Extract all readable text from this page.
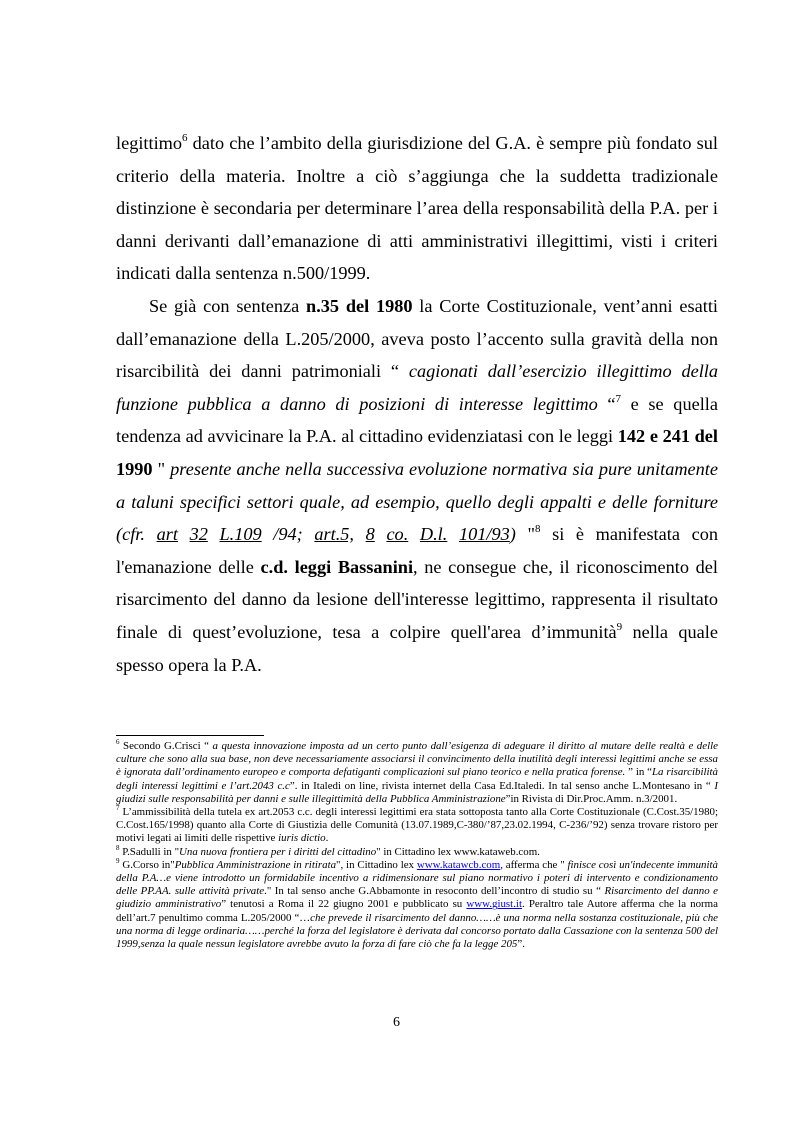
legittimo$^6$ dato che l’ambito della giurisdizione del G.A. è sempre più fondato sul criterio della materia. Inoltre a ciò s’aggiunga che la suddetta tradizionale distinzione è secondaria per determinare l’area della responsabilità della P.A. per i danni derivanti dall’emanazione di atti amministrativi illegittimi, visti i criteri indicati dalla sentenza n.500/1999.

Se già con sentenza n.35 del 1980 la Corte Costituzionale, vent’anni esatti dall’emanazione della L.205/2000, aveva posto l’accento sulla gravità della non risarcibilità dei danni patrimoniali “ cagionati dall’esercizio illegittimo della funzione pubblica a danno di posizioni di interesse legittimo “$^7$ e se quella tendenza ad avvicinare la P.A. al cittadino evidenziatasi con le leggi 142 e 241 del 1990 " presente anche nella successiva evoluzione normativa sia pure unitamente a taluni specifici settori quale, ad esempio, quello degli appalti e delle forniture (cfr. art 32 L.109 /94; art.5, 8 co. D.l. 101/93) "$^8$ si è manifestata con l'emanazione delle c.d. leggi Bassanini, ne consegue che, il riconoscimento del risarcimento del danno da lesione dell'interesse legittimo, rappresenta il risultato finale di quest’evoluzione, tesa a colpire quell'area d’immunità$^9$ nella quale spesso opera la P.A.

$^6$ Secondo G.Crisci “ a questa innovazione imposta ad un certo punto dall’esigenza di adeguare il diritto al mutare delle realtà e delle culture che sono alla sua base, non deve necessariamente associarsi il convincimento della inutilità degli interessi legittimi anche se essa è ignorata dall’ordinamento europeo e comporta defatiganti complicazioni sul piano teorico e nella pratica forense. ” in “La risarcibilità degli interessi legittimi e l’art.2043 c.c”. in Italedi on line, rivista internet della Casa Ed.Italedi. In tal senso anche L.Montesano in “ I giudizi sulle responsabilità per danni e sulle illegittimità della Pubblica Amministrazione”in Rivista di Dir.Proc.Amm. n.3/2001.

$^7$ L’ammissibilità della tutela ex art.2053 c.c. degli interessi legittimi era stata sottoposta tanto alla Corte Costituzionale (C.Cost.35/1980; C.Cost.165/1998) quanto alla Corte di Giustizia delle Comunità (13.07.1989,C-380/’87,23.02.1994, C-236/’92) senza trovare ristoro per motivi legati ai limiti delle rispettive iuris dictio.

$^8$ P.Sadulli in "Una nuova frontiera per i diritti del cittadino" in Cittadino lex www.kataweb.com.

$^9$ G.Corso in"Pubblica Amministrazione in ritirata", in Cittadino lex www.katawcb.com, afferma che " finisce così un'indecente immunità della P.A…e viene introdotto un formidabile incentivo a ridimensionare sul piano normativo i poteri di intervento e condizionamento delle PP.AA. sulle attività private." In tal senso anche G.Abbamonte in resoconto dell’incontro di studio su “ Risarcimento del danno e giudizio amministrativo” tenutosi a Roma il 22 giugno 2001 e pubblicato su www.giust.it. Peraltro tale Autore afferma che la norma dell’art.7 penultimo comma L.205/2000 “…che prevede il risarcimento del danno……è una norma nella sostanza costituzionale, più che una norma di legge ordinaria……perché la forza del legislatore è derivata dal concorso portato dalla Cassazione con la sentenza 500 del 1999,senza la quale nessun legislatore avrebbe avuto la forza di fare ciò che fa la legge 205”.

6
